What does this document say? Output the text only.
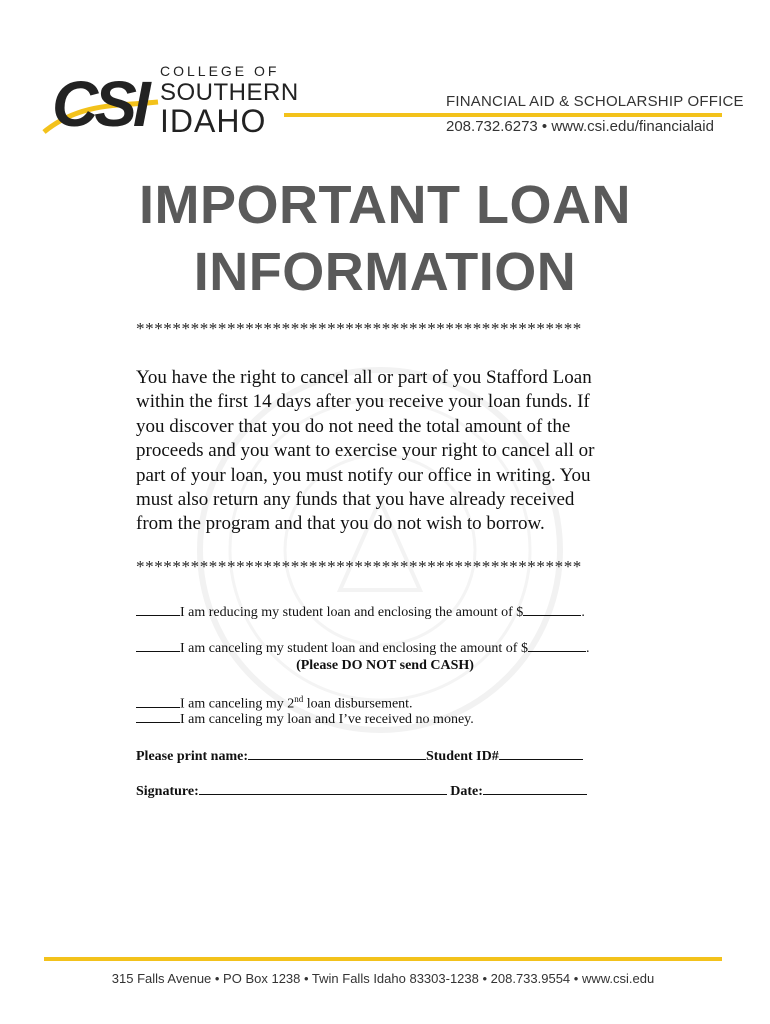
CSI COLLEGE OF
SOUTHERN
IDAHO
FINANCIAL AID & SCHOLARSHIP OFFICE
208.732.6273 • www.csi.edu/financialaid
IMPORTANT LOAN
INFORMATION
*************************************************
You have the right to cancel all or part of you Stafford Loan
within the first 14 days after you receive your loan funds. If
you discover that you do not need the total amount of the
proceeds and you want to exercise your right to cancel all or
part of your loan, you must notify our office in writing. You
must also return any funds that you have already received
from the program and that you do not wish to borrow.
*************************************************
I am reducing my student loan and enclosing the amount of $	.
I am canceling my student loan and enclosing the amount of $	.
(Please DO NOT send CASH)
I am canceling my 2nd loan disbursement.
I am canceling my loan and I’ve received no money.
Please print name:	Student ID#
Signature:	Date:
315 Falls Avenue • PO Box 1238 • Twin Falls Idaho 83303-1238 • 208.733.9554 • www.csi.edu
